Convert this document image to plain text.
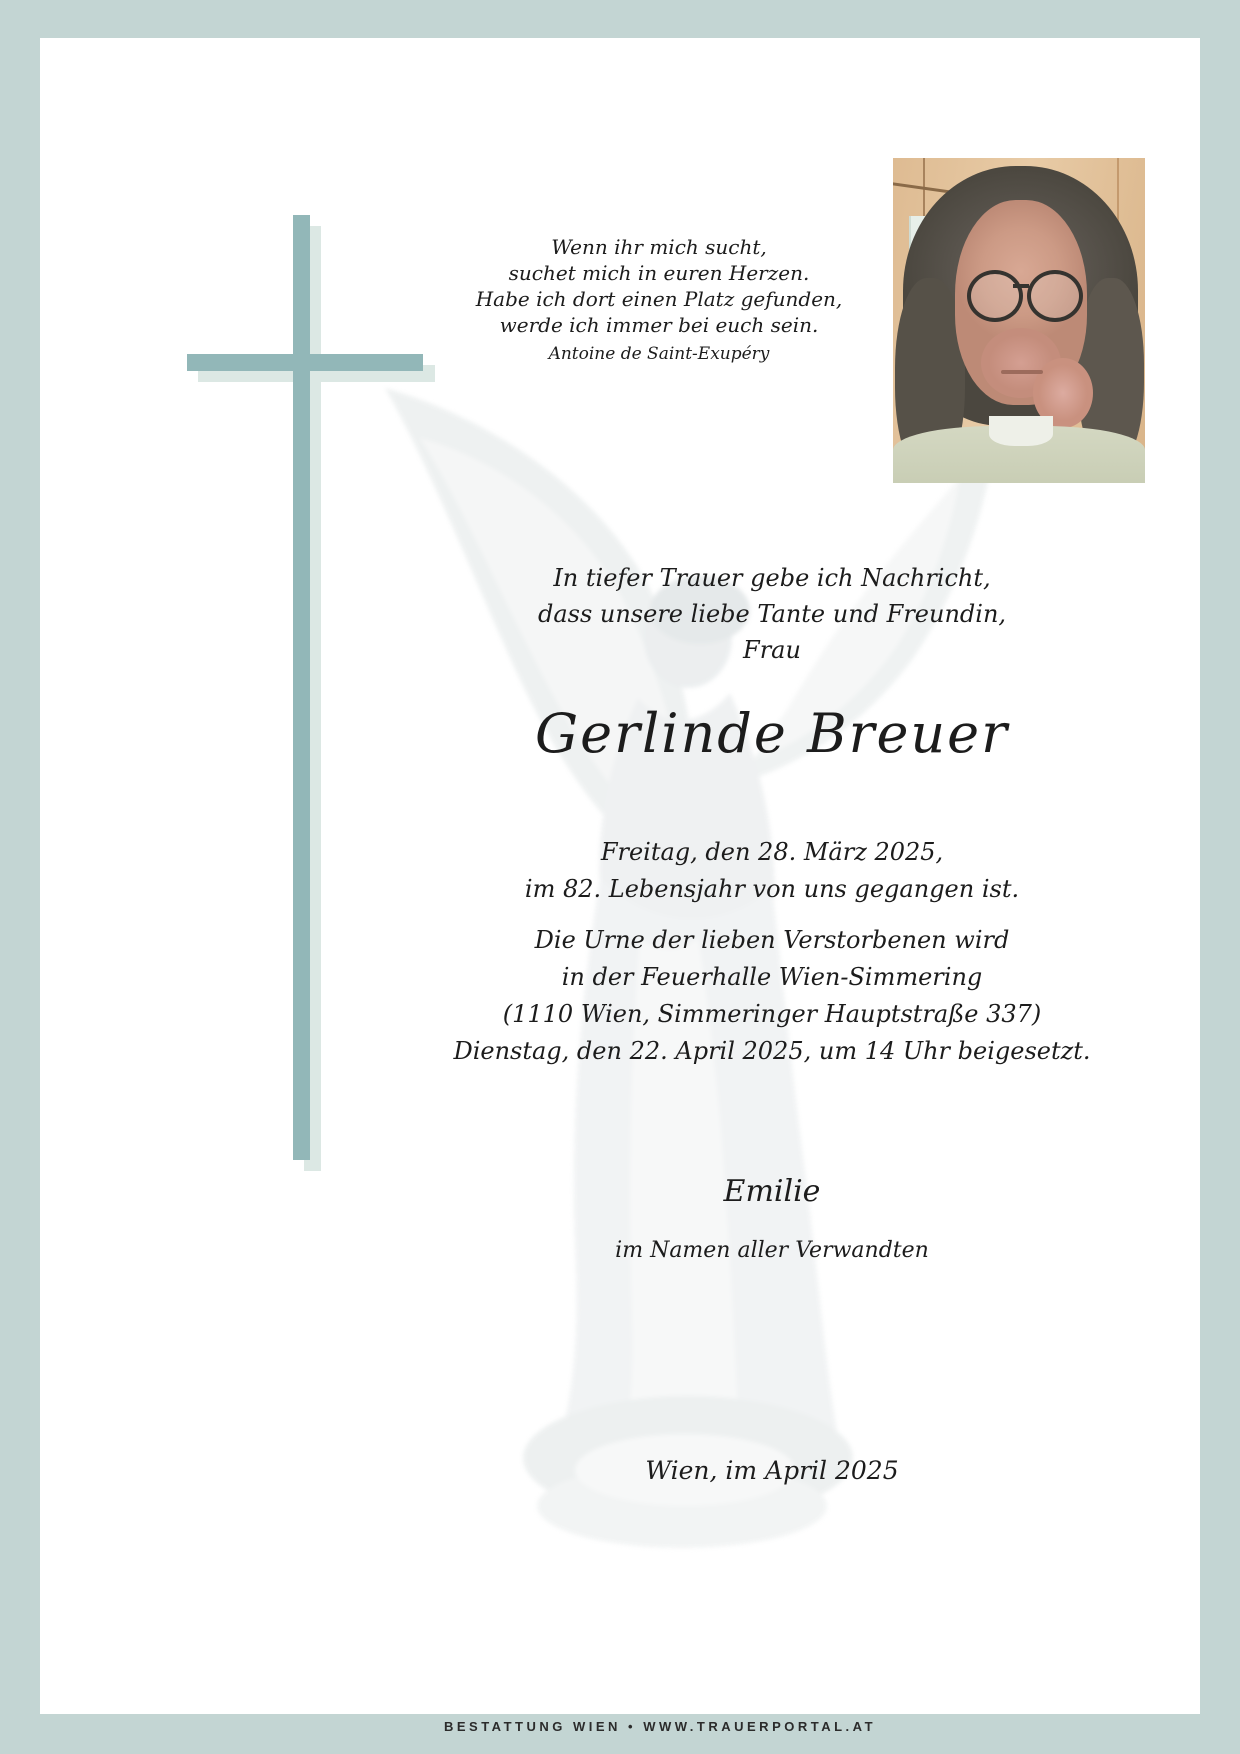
Wenn ihr mich sucht,
suchet mich in euren Herzen.
Habe ich dort einen Platz gefunden,
werde ich immer bei euch sein.
Antoine de Saint-Exupéry
In tiefer Trauer gebe ich Nachricht,
dass unsere liebe Tante und Freundin,
Frau
Gerlinde Breuer
Freitag, den 28. März 2025,
im 82. Lebensjahr von uns gegangen ist.
Die Urne der lieben Verstorbenen wird
in der Feuerhalle Wien-Simmering
(1110 Wien, Simmeringer Hauptstraße 337)
Dienstag, den 22. April 2025, um 14 Uhr beigesetzt.
Emilie
im Namen aller Verwandten
Wien, im April 2025
BESTATTUNG WIEN • WWW.TRAUERPORTAL.AT
